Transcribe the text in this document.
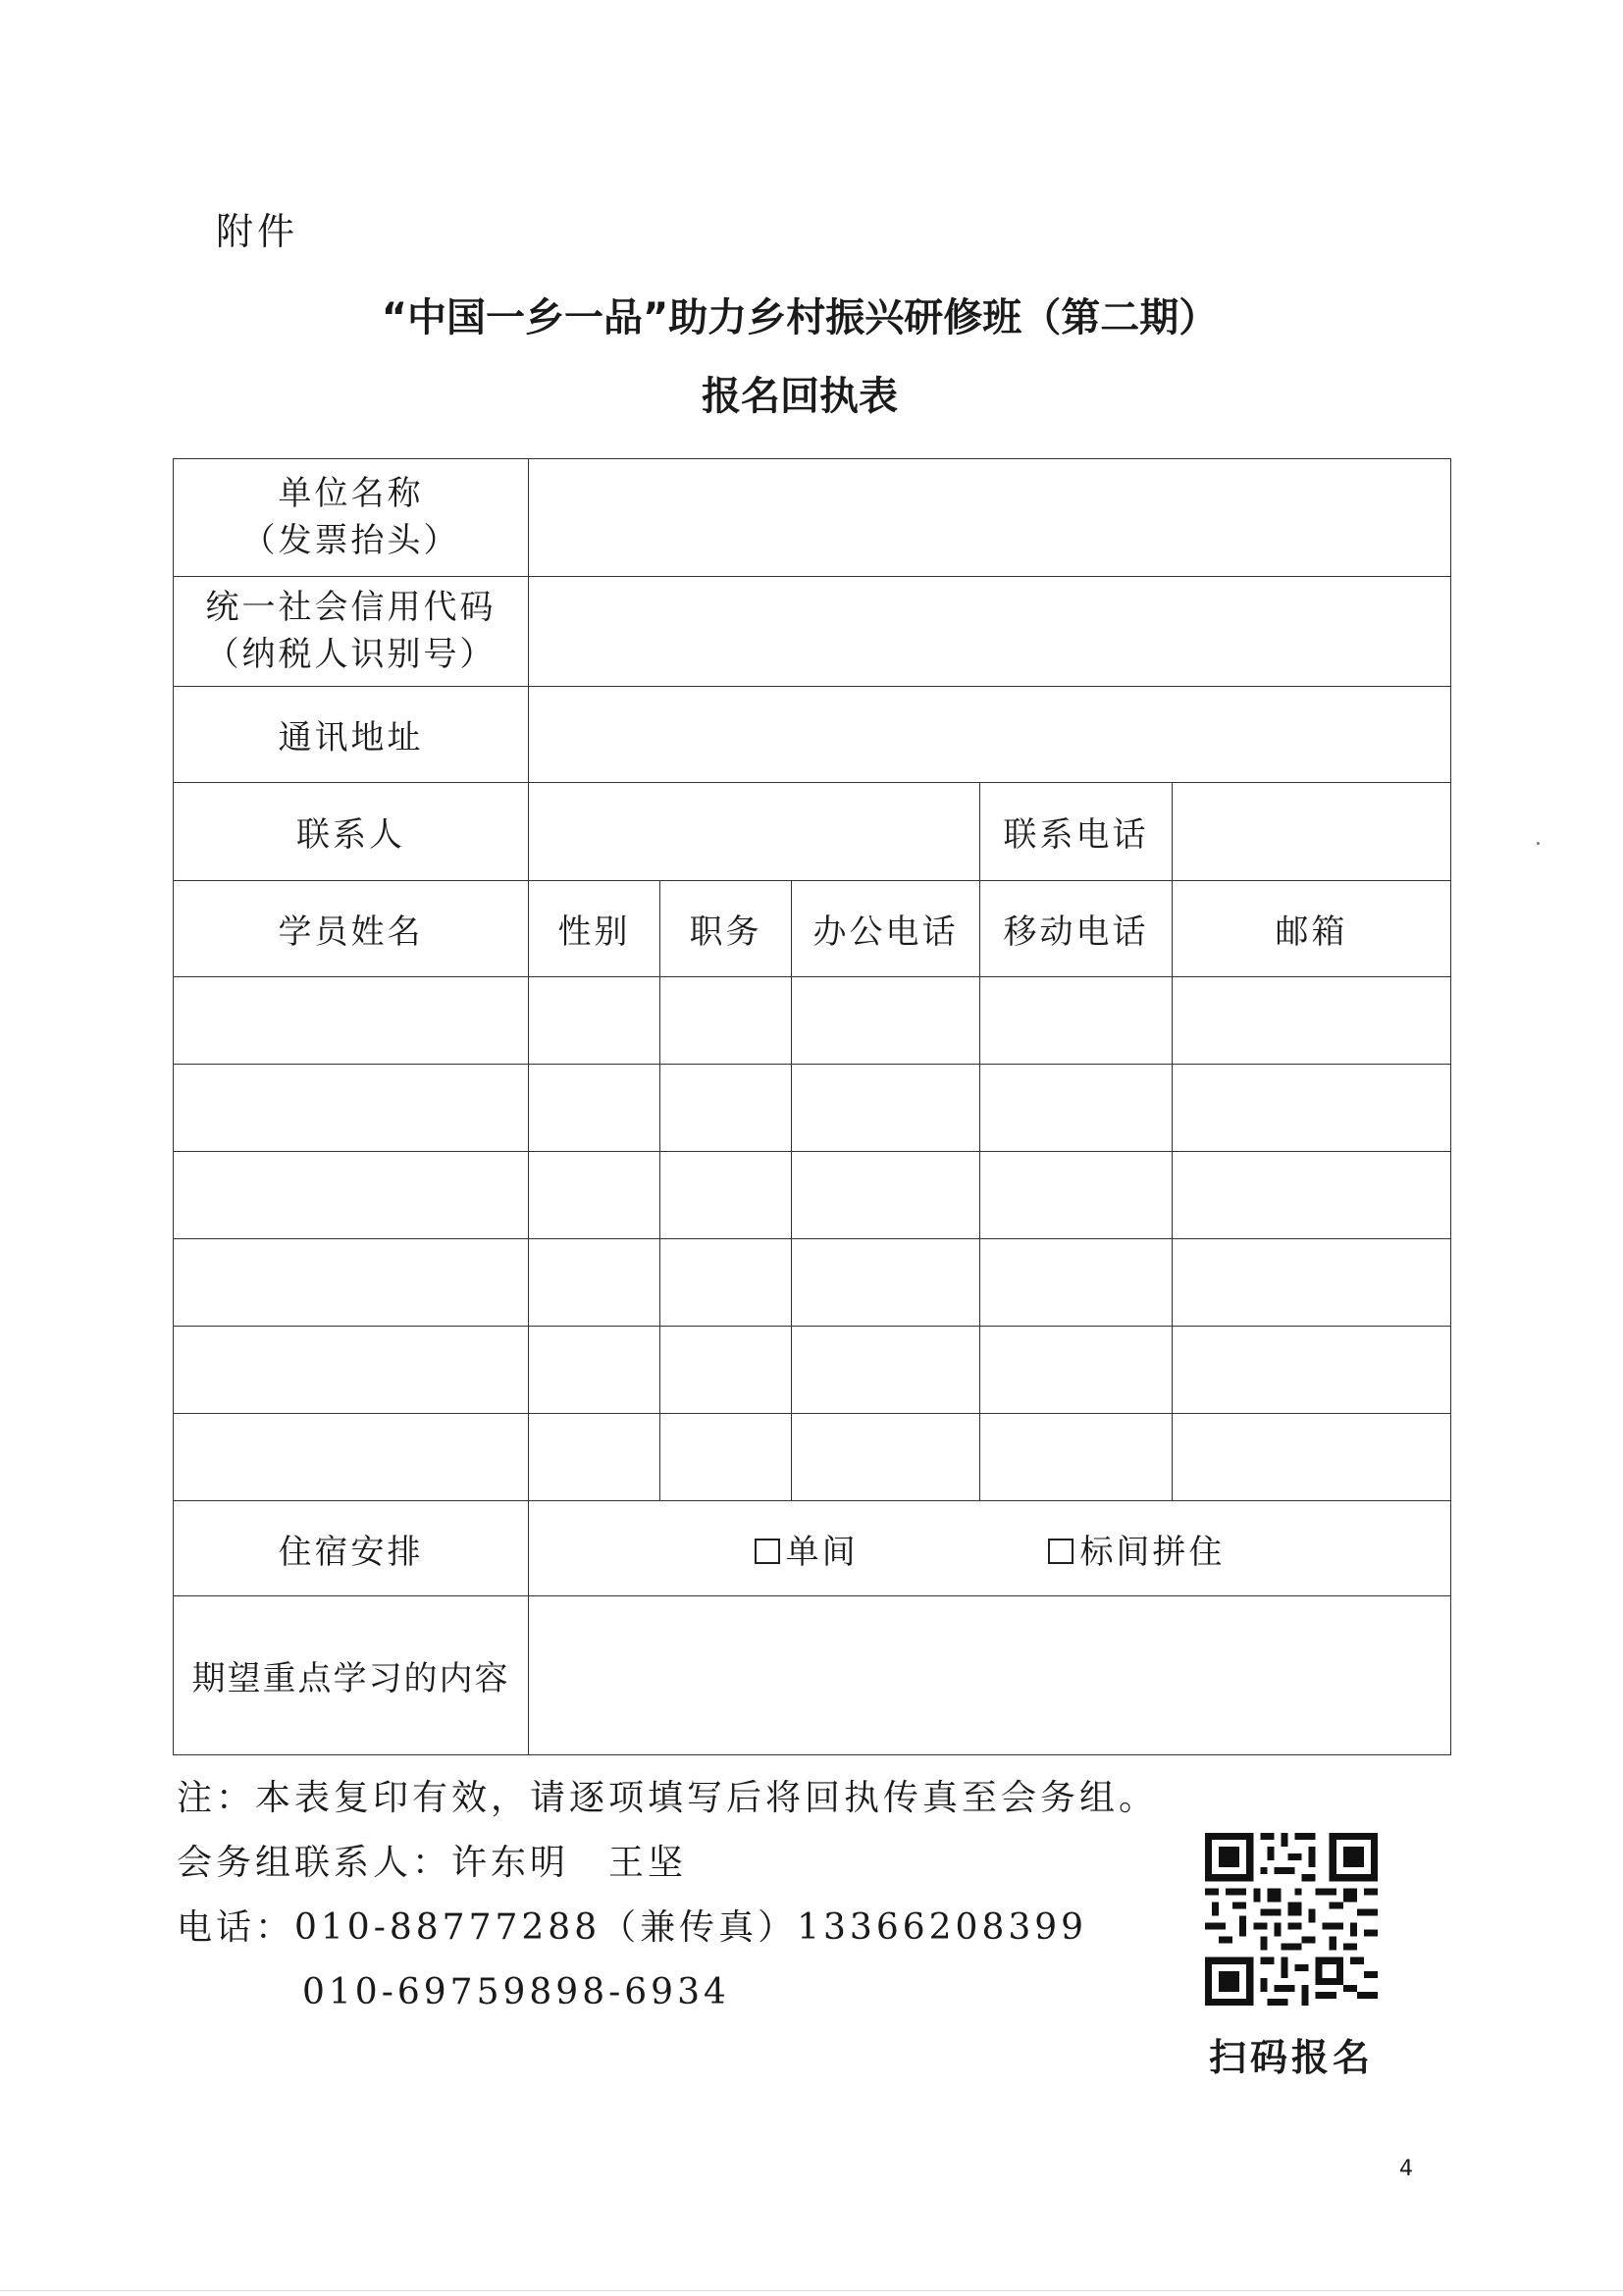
附件
“中国一乡一品”助力乡村振兴研修班（第二期）
报名回执表
单位名称
（发票抬头）					

统一社会信用代码
（纳税人识别号）					

通讯地址					
联系人				联系电话	
学员姓名	性别	职务	办公电话	移动电话	邮箱

住宿安排	单间 标间拼住				
期望重点学习的内容					
注：本表复印有效，请逐项填写后将回执传真至会务组。
会务组联系人：许东明　王坚
电话：010-88777288（兼传真）13366208399
010-69759898-6934
扫码报名
4
